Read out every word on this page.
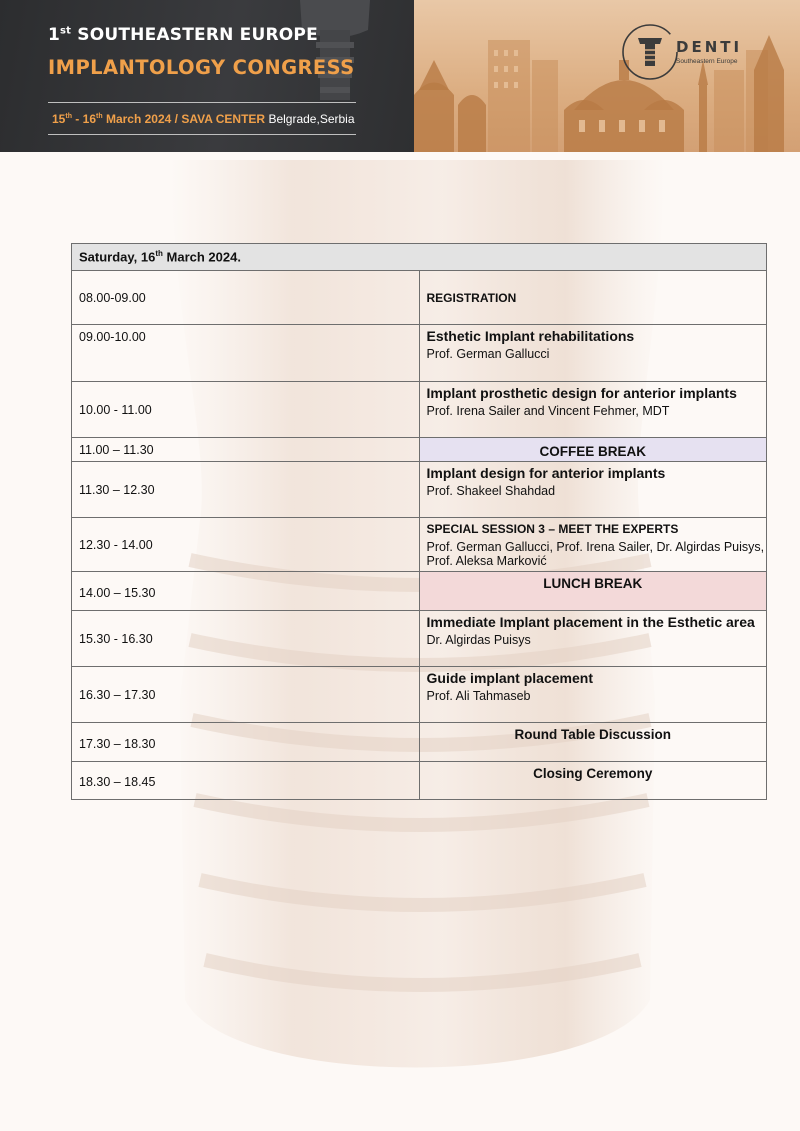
1st SOUTHEASTERN EUROPE
IMPLANTOLOGY CONGRESS
15th - 16th March 2024 / SAVA CENTER Belgrade,Serbia
DENTI
Southeastern Europe
Saturday, 16th March 2024.	
08.00-09.00	REGISTRATION

09.00-10.00	Esthetic Implant rehabilitations
Prof. German Gallucci

10.00 - 11.00	Implant prosthetic design for anterior implants
Prof. Irena Sailer and Vincent Fehmer, MDT

11.00 – 11.30	COFFEE BREAK
11.30 – 12.30	Implant design for anterior implants
Prof. Shakeel Shahdad

12.30 - 14.00	SPECIAL SESSION 3 – MEET THE EXPERTS
Prof. German Gallucci, Prof. Irena Sailer, Dr. Algirdas Puisys, Prof. Aleksa Marković

14.00 – 15.30	LUNCH BREAK
15.30 - 16.30	Immediate Implant placement in the Esthetic area
Dr. Algirdas Puisys

16.30 – 17.30	Guide implant placement
Prof. Ali Tahmaseb

17.30 – 18.30	Round Table Discussion
18.30 – 18.45	Closing Ceremony
